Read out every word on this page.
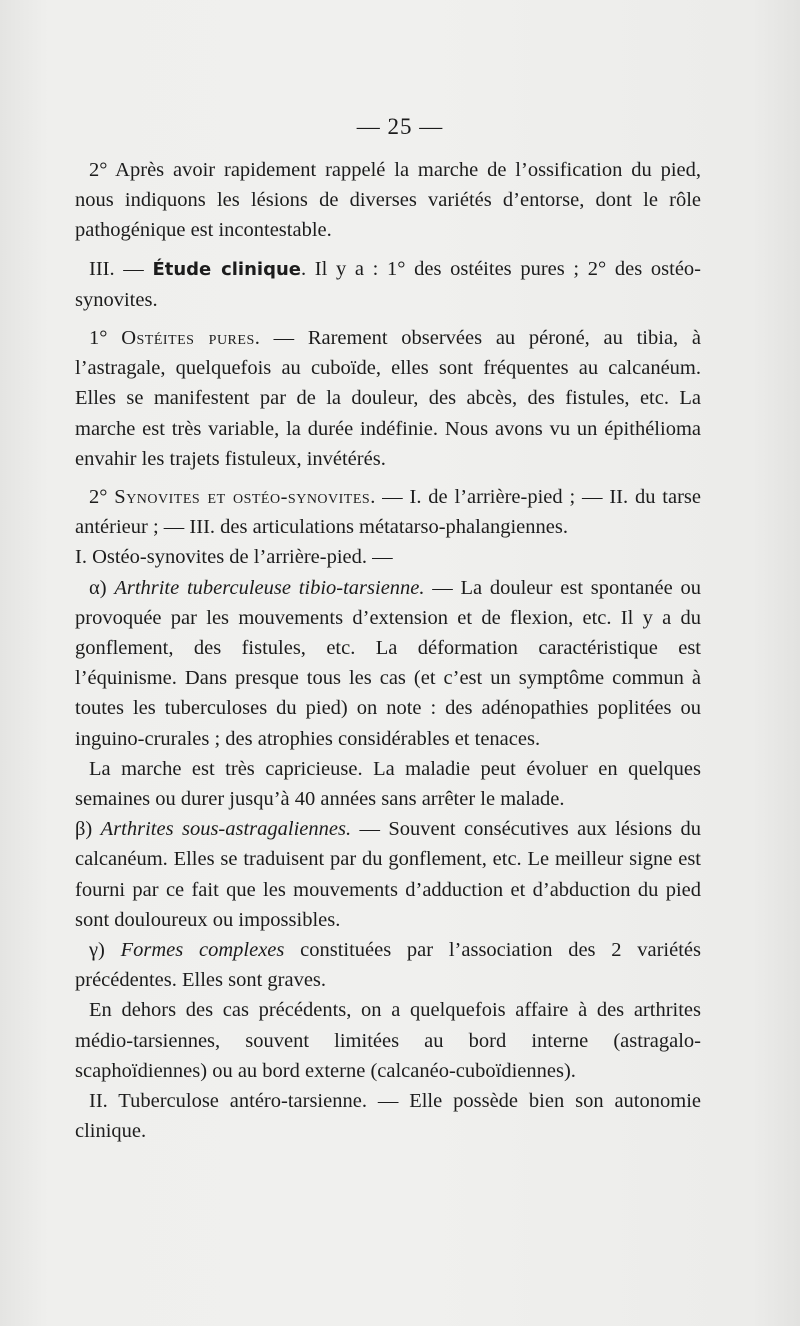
— 25 —

2° Après avoir rapidement rappelé la marche de l’ossification du pied, nous indiquons les lésions de diverses variétés d’entorse, dont le rôle pathogénique est incontestable.

III. — Étude clinique. Il y a : 1° des ostéites pures ; 2° des ostéo-synovites.

1° Ostéites pures. — Rarement observées au péroné, au tibia, à l’astragale, quelquefois au cuboïde, elles sont fréquentes au calcanéum. Elles se manifestent par de la douleur, des abcès, des fistules, etc. La marche est très variable, la durée indéfinie. Nous avons vu un épithélioma envahir les trajets fistuleux, invétérés.

2° Synovites et ostéo-synovites. — I. de l’arrière-pied ; — II. du tarse antérieur ; — III. des articulations métatarso-phalangiennes.

I. Ostéo-synovites de l’arrière-pied. —

α) Arthrite tuberculeuse tibio-tarsienne. — La douleur est spontanée ou provoquée par les mouvements d’extension et de flexion, etc. Il y a du gonflement, des fistules, etc. La déformation caractéristique est l’équinisme. Dans presque tous les cas (et c’est un symptôme commun à toutes les tuberculoses du pied) on note : des adénopathies poplitées ou inguino-crurales ; des atrophies considérables et tenaces.

La marche est très capricieuse. La maladie peut évoluer en quelques semaines ou durer jusqu’à 40 années sans arrêter le malade.

β) Arthrites sous-astragaliennes. — Souvent consécutives aux lésions du calcanéum. Elles se traduisent par du gonflement, etc. Le meilleur signe est fourni par ce fait que les mouvements d’adduction et d’abduction du pied sont douloureux ou impossibles.

γ) Formes complexes constituées par l’association des 2 variétés précédentes. Elles sont graves.

En dehors des cas précédents, on a quelquefois affaire à des arthrites médio-tarsiennes, souvent limitées au bord interne (astragalo-scaphoïdiennes) ou au bord externe (calcanéo-cuboïdiennes).

II. Tuberculose antéro-tarsienne. — Elle possède bien son autonomie clinique.
